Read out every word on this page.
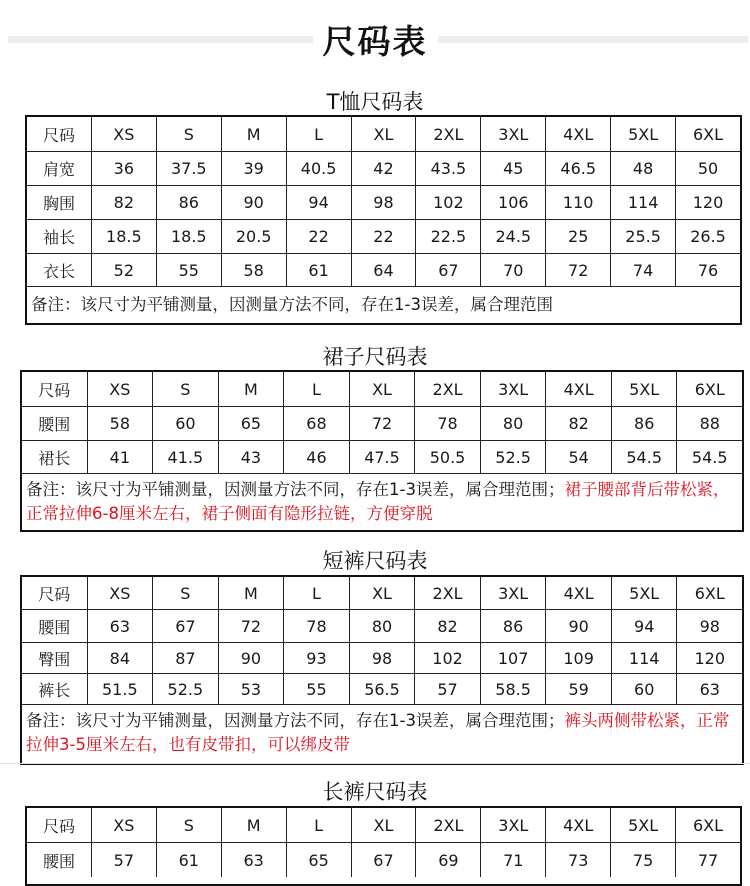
尺码表
T恤尺码表
尺码	XS	S	M	L	XL	2XL	3XL	4XL	5XL	6XL
肩宽	36	37.5	39	40.5	42	43.5	45	46.5	48	50
胸围	82	86	90	94	98	102	106	110	114	120
袖长	18.5	18.5	20.5	22	22	22.5	24.5	25	25.5	26.5
衣长	52	55	58	61	64	67	70	72	74	76
备注：该尺寸为平铺测量，因测量方法不同，存在1-3误差，属合理范围
裙子尺码表
尺码	XS	S	M	L	XL	2XL	3XL	4XL	5XL	6XL
腰围	58	60	65	68	72	78	80	82	86	88
裙长	41	41.5	43	46	47.5	50.5	52.5	54	54.5	54.5
备注：该尺寸为平铺测量，因测量方法不同，存在1-3误差，属合理范围；裙子腰部背后带松紧，正常拉伸6-8厘米左右，裙子侧面有隐形拉链，方便穿脱
短裤尺码表
尺码	XS	S	M	L	XL	2XL	3XL	4XL	5XL	6XL
腰围	63	67	72	78	80	82	86	90	94	98
臀围	84	87	90	93	98	102	107	109	114	120
裤长	51.5	52.5	53	55	56.5	57	58.5	59	60	63
备注：该尺寸为平铺测量，因测量方法不同，存在1-3误差，属合理范围；裤头两侧带松紧，正常拉伸3-5厘米左右，也有皮带扣，可以绑皮带
长裤尺码表
尺码	XS	S	M	L	XL	2XL	3XL	4XL	5XL	6XL
腰围	57	61	63	65	67	69	71	73	75	77
